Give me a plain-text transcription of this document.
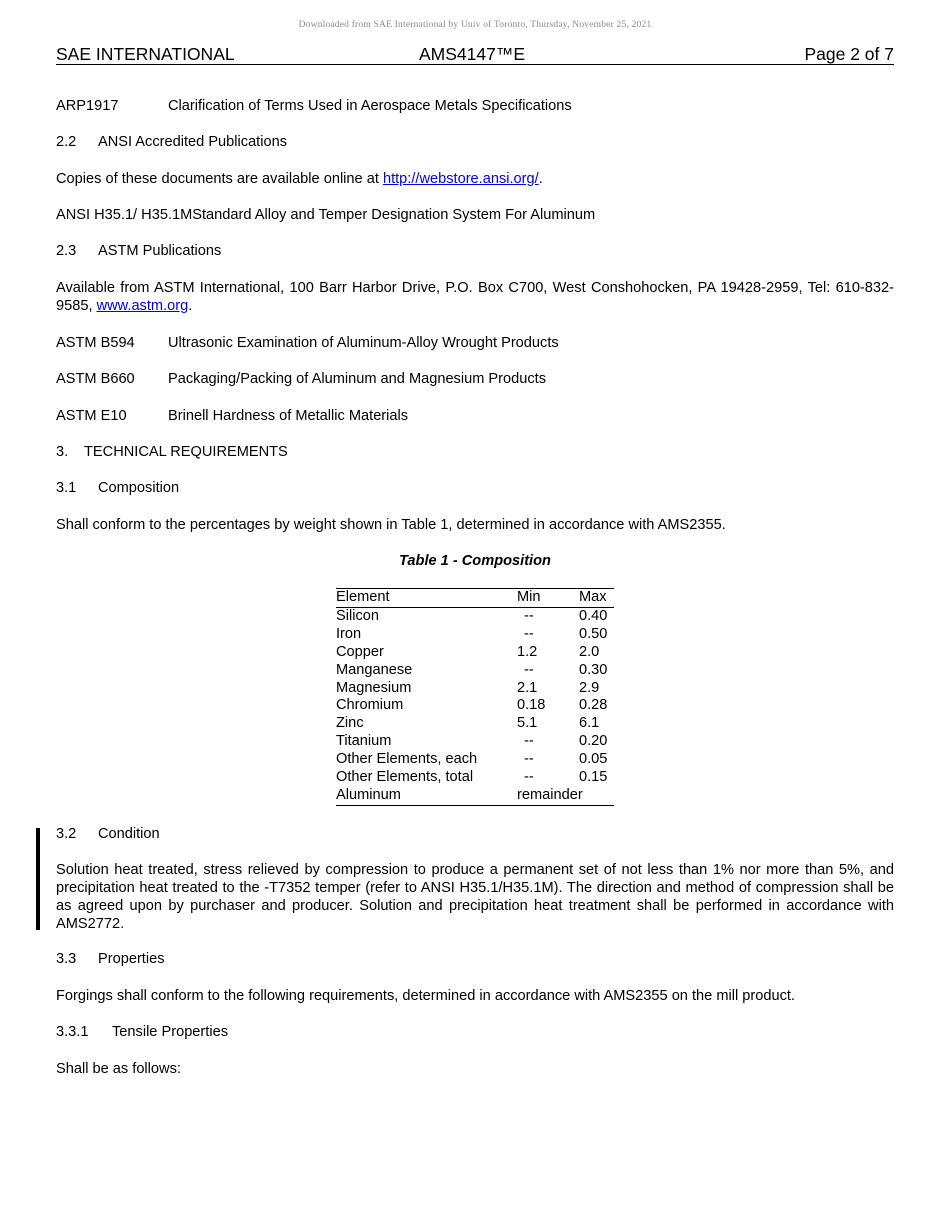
Downloaded from SAE International by Univ of Toronto, Thursday, November 25, 2021
SAE INTERNATIONAL	AMS4147™E	Page 2 of 7
ARP1917	Clarification of Terms Used in Aerospace Metals Specifications
2.2 ANSI Accredited Publications
Copies of these documents are available online at http://webstore.ansi.org/.
ANSI H35.1/ H35.1MStandard Alloy and Temper Designation System For Aluminum
2.3 ASTM Publications
Available from ASTM International, 100 Barr Harbor Drive, P.O. Box C700, West Conshohocken, PA 19428-2959, Tel: 610-832-9585, www.astm.org.
ASTM B594 Ultrasonic Examination of Aluminum-Alloy Wrought Products
ASTM B660 Packaging/Packing of Aluminum and Magnesium Products
ASTM E10	Brinell Hardness of Metallic Materials
3. TECHNICAL REQUIREMENTS
3.1 Composition
Shall conform to the percentages by weight shown in Table 1, determined in accordance with AMS2355.
Table 1 - Composition
Element	Min	Max
Silicon	--	0.40
Iron	--	0.50
Copper	1.2	2.0
Manganese	--	0.30
Magnesium	2.1	2.9
Chromium	0.18	0.28
Zinc	5.1	6.1
Titanium	--	0.20
Other Elements, each	--	0.05
Other Elements, total	--	0.15
Aluminum	remainder	
3.2 Condition
Solution heat treated, stress relieved by compression to produce a permanent set of not less than 1% nor more than 5%, and precipitation heat treated to the -T7352 temper (refer to ANSI H35.1/H35.1M). The direction and method of compression shall be as agreed upon by purchaser and producer. Solution and precipitation heat treatment shall be performed in accordance with AMS2772.
3.3 Properties
Forgings shall conform to the following requirements, determined in accordance with AMS2355 on the mill product.
3.3.1 Tensile Properties
Shall be as follows:
